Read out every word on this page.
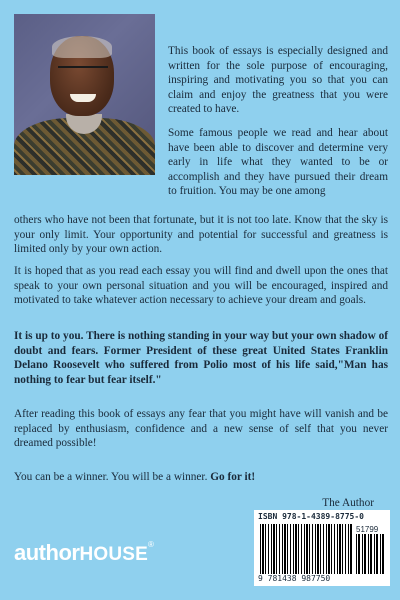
This book of essays is especially designed and written for the sole purpose of encouraging, inspiring and motivating you so that you can claim and enjoy the greatness that you were created to have.

Some famous people we read and hear about have been able to discover and determine very early in life what they wanted to be or accomplish and they have pursued their dream to fruition. You may be one among

others who have not been that fortunate, but it is not too late. Know that the sky is your only limit. Your opportunity and potential for successful and greatness is limited only by your own action.

It is hoped that as you read each essay you will find and dwell upon the ones that speak to your own personal situation and you will be encouraged, inspired and motivated to take whatever action necessary to achieve your dream and goals.

It is up to you. There is nothing standing in your way but your own shadow of doubt and fears. Former President of these great United States Franklin Delano Roosevelt who suffered from Polio most of his life said,"Man has nothing to fear but fear itself."

After reading this book of essays any fear that you might have will vanish and be replaced by enthusiasm, confidence and a new sense of self that you never dreamed possible!

You can be a winner. You will be a winner. Go for it!

The Author
ISBN 978-1-4389-8775-0
51799
9 781438 987750
authorHOUSE®
